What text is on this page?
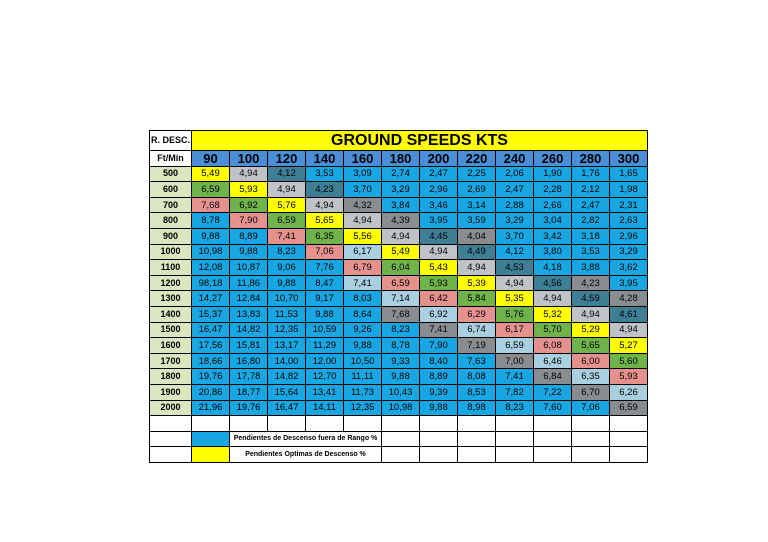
R. DESC.	GROUND SPEEDS KTS											
Ft/Min	90	100	120	140	160	180	200	220	240	260	280	300
500	5,49	4,94	4,12	3,53	3,09	2,74	2,47	2,25	2,06	1,90	1,76	1,65
600	6,59	5,93	4,94	4,23	3,70	3,29	2,96	2,69	2,47	2,28	2,12	1,98
700	7,68	6,92	5,76	4,94	4,32	3,84	3,46	3,14	2,88	2,66	2,47	2,31
800	8,78	7,90	6,59	5,65	4,94	4,39	3,95	3,59	3,29	3,04	2,82	2,63
900	9,88	8,89	7,41	6,35	5,56	4,94	4,45	4,04	3,70	3,42	3,18	2,96
1000	10,98	9,88	8,23	7,06	6,17	5,49	4,94	4,49	4,12	3,80	3,53	3,29
1100	12,08	10,87	9,06	7,76	6,79	6,04	5,43	4,94	4,53	4,18	3,88	3,62
1200	98,18	11,86	9,88	8,47	7,41	6,59	5,93	5,39	4,94	4,56	4,23	3,95
1300	14,27	12,84	10,70	9,17	8,03	7,14	6,42	5,84	5,35	4,94	4,59	4,28
1400	15,37	13,83	11,53	9,88	8,64	7,68	6,92	6,29	5,76	5,32	4,94	4,61
1500	16,47	14,82	12,35	10,59	9,26	8,23	7,41	6,74	6,17	5,70	5,29	4,94
1600	17,56	15,81	13,17	11,29	9,88	8,78	7,90	7,19	6,59	6,08	5,65	5,27
1700	18,66	16,80	14,00	12,00	10,50	9,33	8,40	7,63	7,00	6,46	6,00	5,60
1800	19,76	17,78	14,82	12,70	11,11	9,88	8,89	8,08	7,41	6,84	6,35	5,93
1900	20,86	18,77	15,64	13,41	11,73	10,43	9,39	8,53	7,82	7,22	6,70	6,26
2000	21,96	19,76	16,47	14,11	12,35	10,98	9,88	8,98	8,23	7,60	7,06	6,59

		Pendientes de Descenso fuera de Rango %										
		Pendientes Optimas de Descenso %										
